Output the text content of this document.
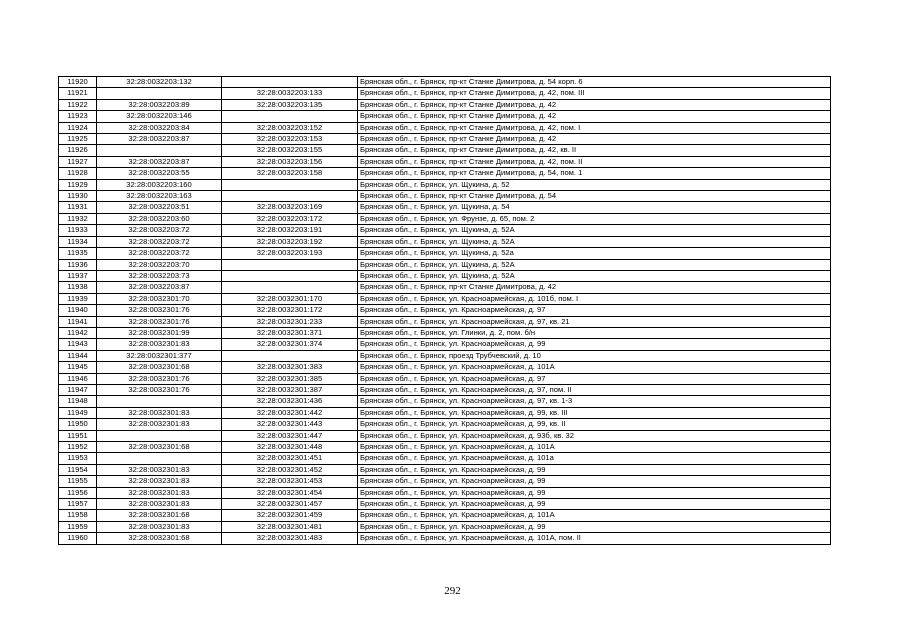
11920	32:28:0032203:132		Брянская обл., г. Брянск, пр-кт Станке Димитрова, д. 54 корп. 6
11921		32:28:0032203:133	Брянская обл., г. Брянск, пр-кт Станке Димитрова, д. 42, пом. III
11922	32:28:0032203:89	32:28:0032203:135	Брянская обл., г. Брянск, пр-кт Станке Димитрова, д. 42
11923	32:28:0032203:146		Брянская обл., г. Брянск, пр-кт Станке Димитрова, д. 42
11924	32:28:0032203:84	32:28:0032203:152	Брянская обл., г. Брянск, пр-кт Станке Димитрова, д. 42, пом. I
11925	32:28:0032203:87	32:28:0032203:153	Брянская обл., г. Брянск, пр-кт Станке Димитрова, д. 42
11926		32:28:0032203:155	Брянская обл., г. Брянск, пр-кт Станке Димитрова, д. 42, кв. II
11927	32:28:0032203:87	32:28:0032203:156	Брянская обл., г. Брянск, пр-кт Станке Димитрова, д. 42, пом. II
11928	32:28:0032203:55	32:28:0032203:158	Брянская обл., г. Брянск, пр-кт Станке Димитрова, д. 54, пом. 1
11929	32:28:0032203:160		Брянская обл., г. Брянск, ул. Щукина, д. 52
11930	32:28:0032203:163		Брянская обл., г. Брянск, пр-кт Станке Димитрова, д. 54
11931	32:28:0032203:51	32:28:0032203:169	Брянская обл., г. Брянск, ул. Щукина, д. 54
11932	32:28:0032203:60	32:28:0032203:172	Брянская обл., г. Брянск, ул. Фрунзе, д. 65, пом. 2
11933	32:28:0032203:72	32:28:0032203:191	Брянская обл., г. Брянск, ул. Щукина, д. 52А
11934	32:28:0032203:72	32:28:0032203:192	Брянская обл., г. Брянск, ул. Щукина, д. 52А
11935	32:28:0032203:72	32:28:0032203:193	Брянская обл., г. Брянск, ул. Щукина, д. 52а
11936	32:28:0032203:70		Брянская обл., г. Брянск, ул. Щукина, д. 52А
11937	32:28:0032203:73		Брянская обл., г. Брянск, ул. Щукина, д. 52А
11938	32:28:0032203:87		Брянская обл., г. Брянск, пр-кт Станке Димитрова, д. 42
11939	32:28:0032301:70	32:28:0032301:170	Брянская обл., г. Брянск, ул. Красноармейская, д. 101б, пом. I
11940	32:28:0032301:76	32:28:0032301:172	Брянская обл., г. Брянск, ул. Красноармейская, д. 97
11941	32:28:0032301:76	32:28:0032301:233	Брянская обл., г. Брянск, ул. Красноармейская, д. 97, кв. 21
11942	32:28:0032301:99	32:28:0032301:371	Брянская обл., г. Брянск, ул. Глинки, д. 2, пом. б/н
11943	32:28:0032301:83	32:28:0032301:374	Брянская обл., г. Брянск, ул. Красноармейская, д. 99
11944	32:28:0032301:377		Брянская обл., г. Брянск, проезд Трубчевский, д. 10
11945	32:28:0032301:68	32:28:0032301:383	Брянская обл., г. Брянск, ул. Красноармейская, д. 101А
11946	32:28:0032301:76	32:28:0032301:385	Брянская обл., г. Брянск, ул. Красноармейская, д. 97
11947	32:28:0032301:76	32:28:0032301:387	Брянская обл., г. Брянск, ул. Красноармейская, д. 97, пом. II
11948		32:28:0032301:436	Брянская обл., г. Брянск, ул. Красноармейская, д. 97, кв. 1-3
11949	32:28:0032301:83	32:28:0032301:442	Брянская обл., г. Брянск, ул. Красноармейская, д. 99, кв. III
11950	32:28:0032301:83	32:28:0032301:443	Брянская обл., г. Брянск, ул. Красноармейская, д. 99, кв. II
11951		32:28:0032301:447	Брянская обл., г. Брянск, ул. Красноармейская, д. 93б, кв. 32
11952	32:28:0032301:68	32:28:0032301:448	Брянская обл., г. Брянск, ул. Красноармейская, д. 101А
11953		32:28:0032301:451	Брянская обл., г. Брянск, ул. Красноармейская, д. 101а
11954	32:28:0032301:83	32:28:0032301:452	Брянская обл., г. Брянск, ул. Красноармейская, д. 99
11955	32:28:0032301:83	32:28:0032301:453	Брянская обл., г. Брянск, ул. Красноармейская, д. 99
11956	32:28:0032301:83	32:28:0032301:454	Брянская обл., г. Брянск, ул. Красноармейская, д. 99
11957	32:28:0032301:83	32:28:0032301:457	Брянская обл., г. Брянск, ул. Красноармейская, д. 99
11958	32:28:0032301:68	32:28:0032301:459	Брянская обл., г. Брянск, ул. Красноармейская, д. 101А
11959	32:28:0032301:83	32:28:0032301:481	Брянская обл., г. Брянск, ул. Красноармейская, д. 99
11960	32:28:0032301:68	32:28:0032301:483	Брянская обл., г. Брянск, ул. Красноармейская, д. 101А, пом. II
292
